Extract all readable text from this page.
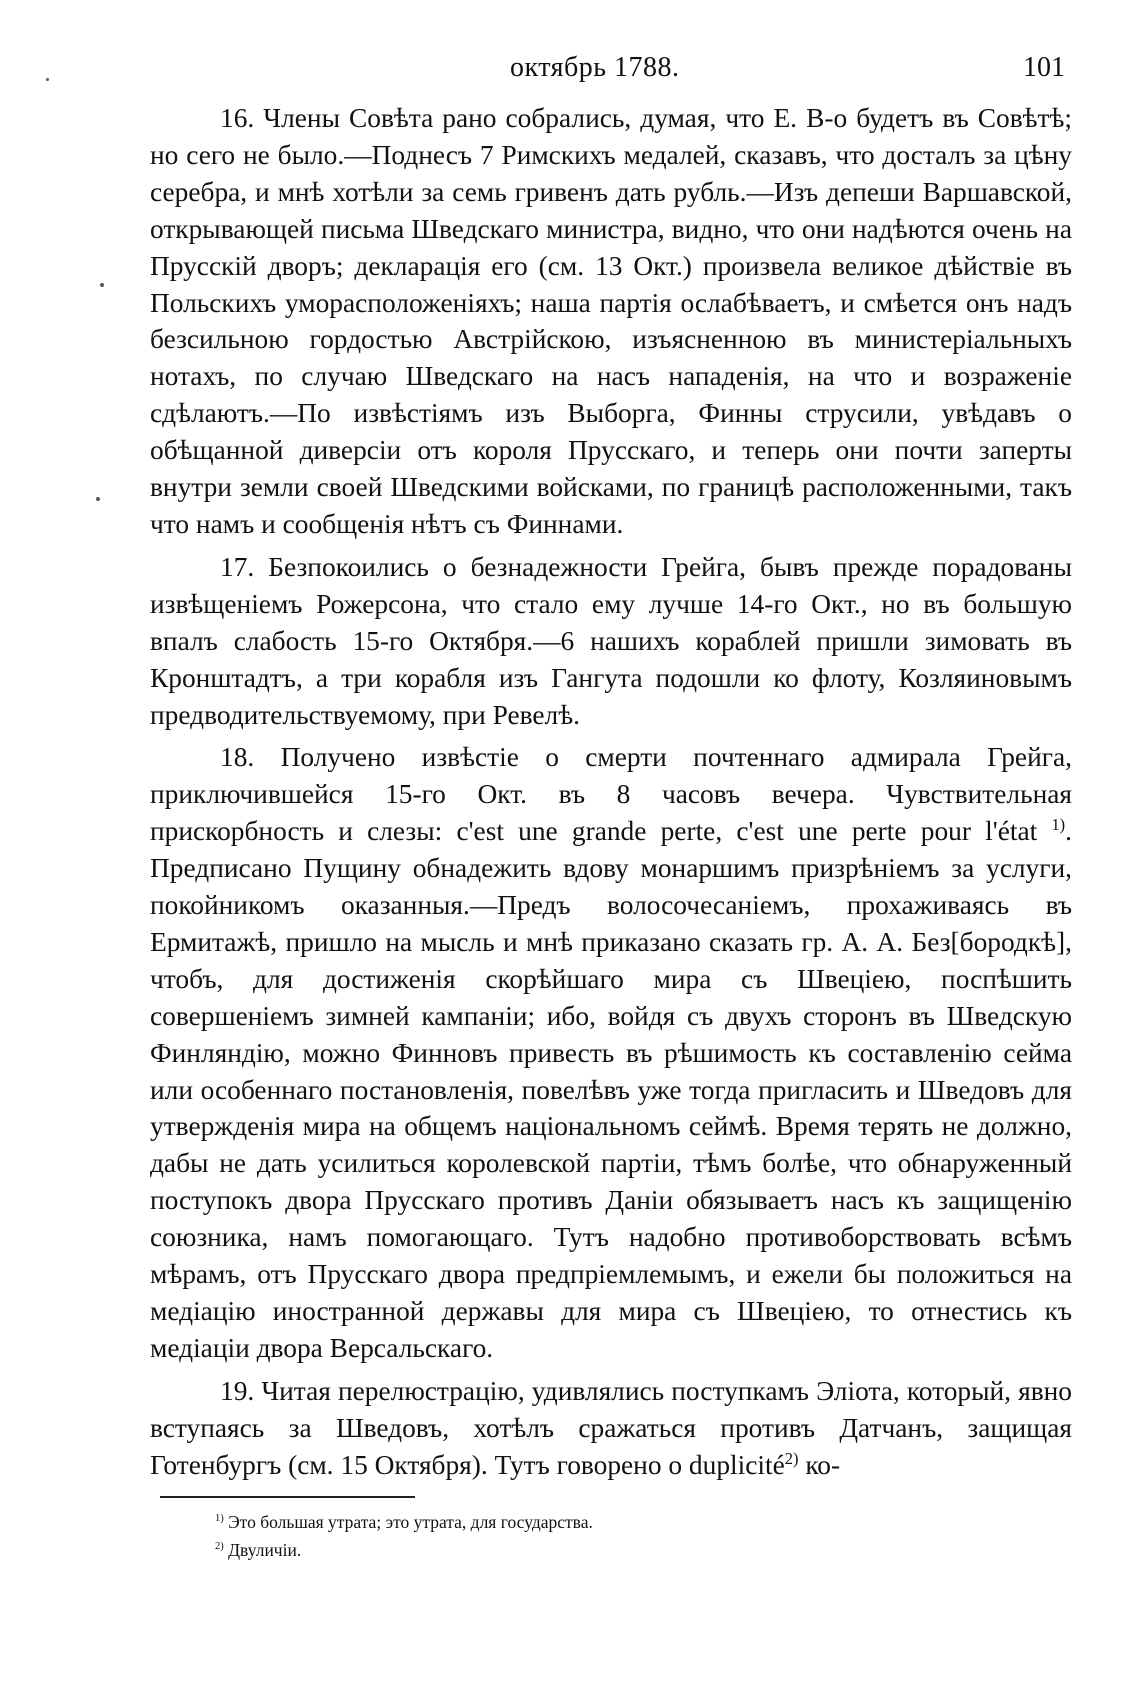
октябрь 1788.	101

16. Члены Совѣта рано собрались, думая, что Е. В-о будетъ въ Совѣтѣ; но сего не было.—Поднесъ 7 Римскихъ медалей, сказавъ, что досталъ за цѣну серебра, и мнѣ хотѣли за семь гривенъ дать рубль.—Изъ депеши Варшавской, открывающей письма Шведскаго министра, видно, что они надѣются очень на Прусскій дворъ; декларація его (см. 13 Окт.) произвела великое дѣйствіе въ Польскихъ уморасположеніяхъ; наша партія ослабѣваетъ, и смѣется онъ надъ безсильною гордостью Австрійскою, изъясненною въ министеріальныхъ нотахъ, по случаю Шведскаго на насъ нападенія, на что и возраженіе сдѣлаютъ.—По извѣстіямъ изъ Выборга, Финны струсили, увѣдавъ о обѣщанной диверсіи отъ короля Прусскаго, и теперь они почти заперты внутри земли своей Шведскими войсками, по границѣ расположенными, такъ что намъ и сообщенія нѣтъ съ Финнами.

17. Безпокоились о безнадежности Грейга, бывъ прежде порадованы извѣщеніемъ Рожерсона, что стало ему лучше 14-го Окт., но въ большую впалъ слабость 15-го Октября.—6 нашихъ кораблей пришли зимовать въ Кронштадтъ, а три корабля изъ Гангута подошли ко флоту, Козляиновымъ предводительствуемому, при Ревелѣ.

18. Получено извѣстіе о смерти почтеннаго адмирала Грейга, приключившейся 15-го Окт. въ 8 часовъ вечера. Чувствительная прискорбность и слезы: c'est une grande perte, c'est une perte pour l'état $^{1)}$. Предписано Пущину обнадежить вдову монаршимъ призрѣніемъ за услуги, покойникомъ оказанныя.—Предъ волосочесаніемъ, прохаживаясь въ Ермитажѣ, пришло на мысль и мнѣ приказано сказать гр. А. А. Без[бородкѣ], чтобъ, для достиженія скорѣйшаго мира съ Швеціею, поспѣшить совершеніемъ зимней кампаніи; ибо, войдя съ двухъ сторонъ въ Шведскую Финляндію, можно Финновъ привесть въ рѣшимость къ составленію сейма или особеннаго постановленія, повелѣвъ уже тогда пригласить и Шведовъ для утвержденія мира на общемъ національномъ сеймѣ. Время терять не должно, дабы не дать усилиться королевской партіи, тѣмъ болѣе, что обнаруженный поступокъ двора Прусскаго противъ Даніи обязываетъ насъ къ защищенію союзника, намъ помогающаго. Тутъ надобно противоборствовать всѣмъ мѣрамъ, отъ Прусскаго двора предпріемлемымъ, и ежели бы положиться на медіацію иностранной державы для мира съ Швеціею, то отнестись къ медіаціи двора Версальскаго.

19. Читая перелюстрацію, удивлялись поступкамъ Эліота, который, явно вступаясь за Шведовъ, хотѣлъ сражаться противъ Датчанъ, защищая Готенбургъ (см. 15 Октября). Тутъ говорено о duplicité$^{2)}$ ко-

$^{1)}$ Это большая утрата; это утрата, для государства.

$^{2)}$ Двуличіи.
